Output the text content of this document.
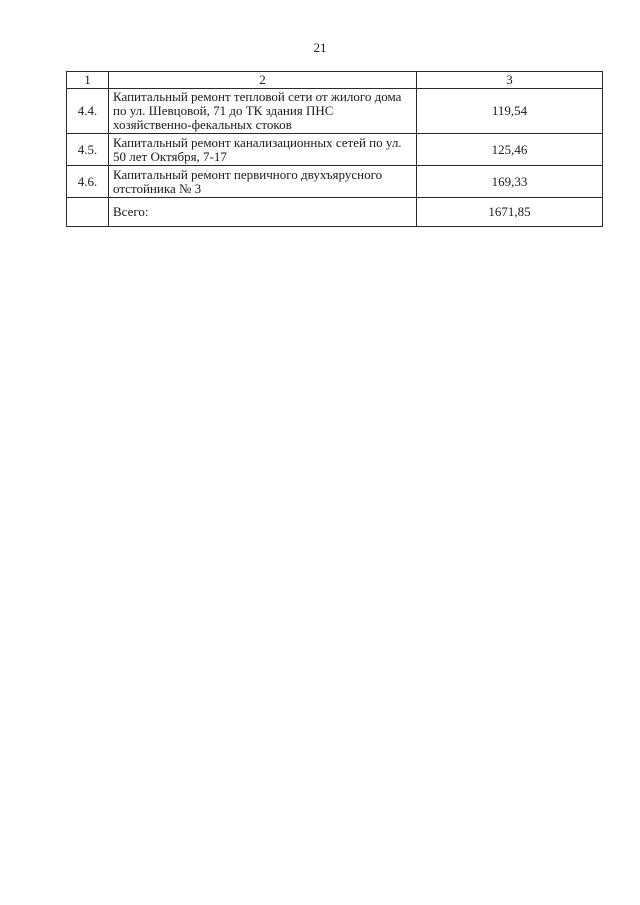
21
1	2	3
4.4.	Капитальный ремонт тепловой сети от жилого дома по ул. Шевцовой, 71 до ТК здания ПНС хозяйственно-фекальных стоков	119,54
4.5.	Капитальный ремонт канализационных сетей по ул. 50 лет Октября, 7-17	125,46
4.6.	Капитальный ремонт первичного двухъярусного отстойника № 3	169,33
	Всего:	1671,85
